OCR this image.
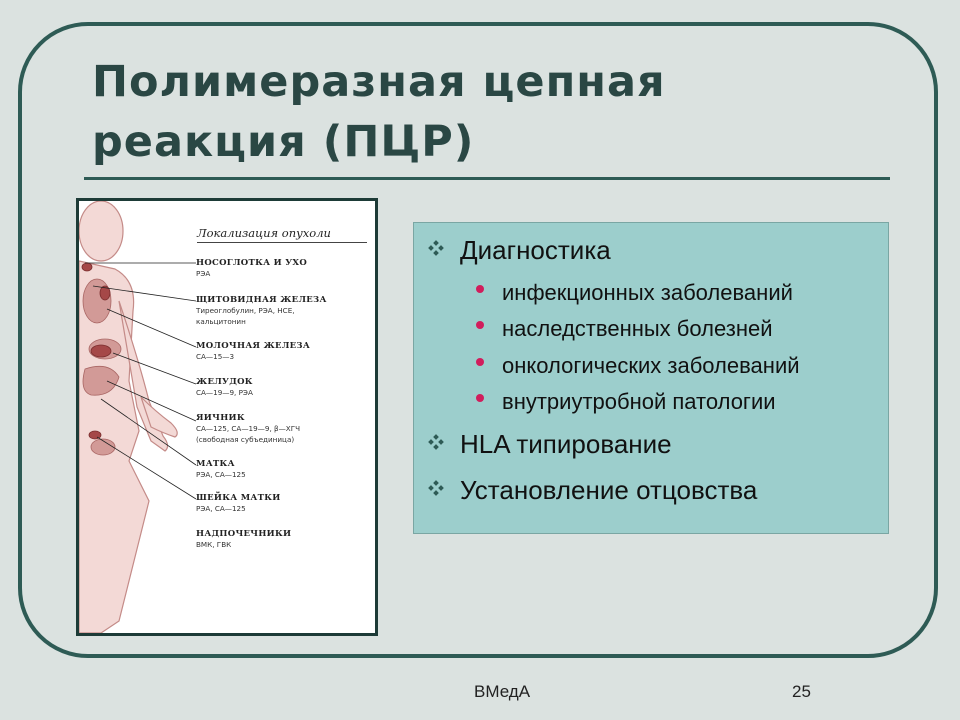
Полимеразная цепная
реакция (ПЦР)
Локализация опухоли
НОСОГЛОТКА И УХО
РЭА
ЩИТОВИДНАЯ ЖЕЛЕЗА
Тиреоглобулин, РЭА, НСЕ,
кальцитонин
МОЛОЧНАЯ ЖЕЛЕЗА
СА—15—3
ЖЕЛУДОК
СА—19—9, РЭА
ЯИЧНИК
СА—125, СА—19—9, β—ХГЧ
(свободная субъединица)
МАТКА
РЭА, СА—125
ШЕЙКА МАТКИ
РЭА, СА—125
НАДПОЧЕЧНИКИ
ВМК, ГВК
Диагностика
инфекционных заболеваний
наследственных болезней
онкологических заболеваний
внутриутробной патологии
HLA типирование
Установление отцовства
ВМедА	25
